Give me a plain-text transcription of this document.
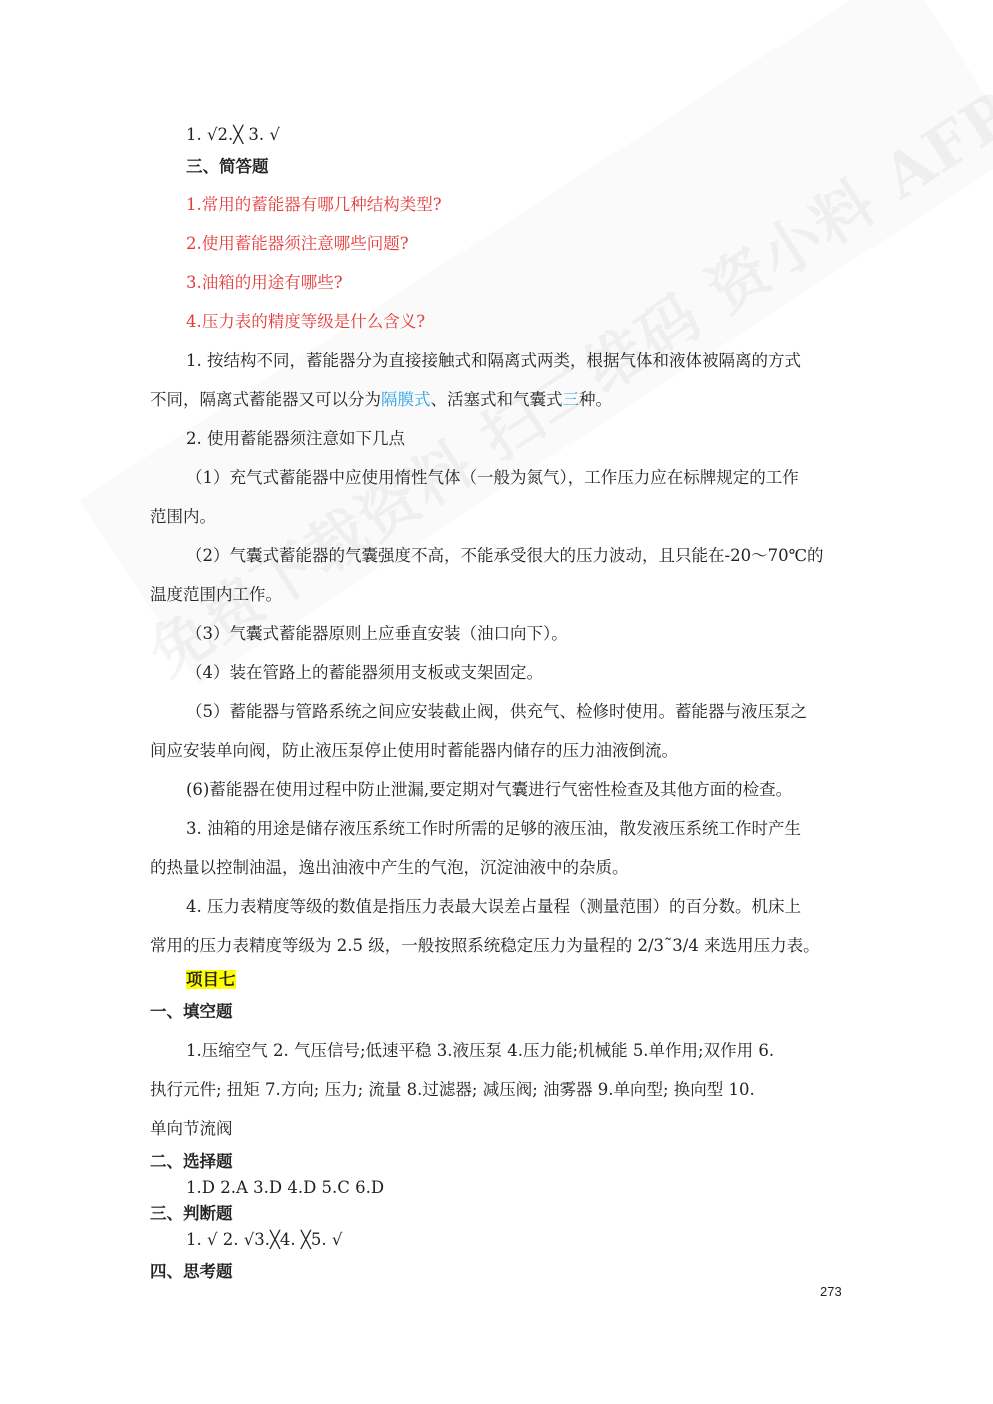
1. √2.╳ 3. √
三、简答题
1.常用的蓄能器有哪几种结构类型?
2.使用蓄能器须注意哪些问题?
3.油箱的用途有哪些?
4.压力表的精度等级是什么含义?
1. 按结构不同，蓄能器分为直接接触式和隔离式两类，根据气体和液体被隔离的方式
不同，隔离式蓄能器又可以分为隔膜式、活塞式和气囊式三种。
2. 使用蓄能器须注意如下几点
（1）充气式蓄能器中应使用惰性气体（一般为氮气），工作压力应在标牌规定的工作
范围内。
（2）气囊式蓄能器的气囊强度不高，不能承受很大的压力波动，且只能在-20～70℃的
温度范围内工作。
（3）气囊式蓄能器原则上应垂直安装（油口向下）。
（4）装在管路上的蓄能器须用支板或支架固定。
（5）蓄能器与管路系统之间应安装截止阀，供充气、检修时使用。蓄能器与液压泵之
间应安装单向阀，防止液压泵停止使用时蓄能器内储存的压力油液倒流。
(6)蓄能器在使用过程中防止泄漏,要定期对气囊进行气密性检查及其他方面的检查。
3. 油箱的用途是储存液压系统工作时所需的足够的液压油，散发液压系统工作时产生
的热量以控制油温，逸出油液中产生的气泡，沉淀油液中的杂质。
4. 压力表精度等级的数值是指压力表最大误差占量程（测量范围）的百分数。机床上
常用的压力表精度等级为 2.5 级，一般按照系统稳定压力为量程的 2/3˜3/4 来选用压力表。
项目七
一、填空题
1.压缩空气 2. 气压信号;低速平稳 3.液压泵 4.压力能;机械能 5.单作用;双作用 6.
执行元件; 扭矩 7.方向; 压力; 流量 8.过滤器; 减压阀; 油雾器 9.单向型; 换向型 10.
单向节流阀
二、选择题
1.D 2.A 3.D 4.D 5.C 6.D
三、判断题
1. √ 2. √3.╳4. ╳5. √
四、思考题
273
